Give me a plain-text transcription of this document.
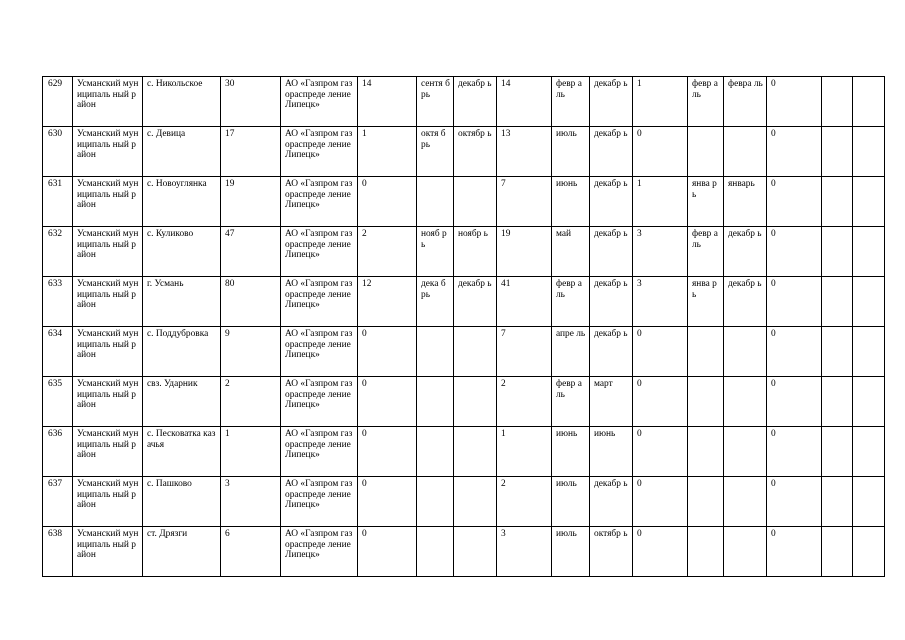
629	Усманский муниципаль ный район	с. Никольское	30	АО «Газпром газораспреде ление Липецк»	14	сентя брь	декабр ь	14	февр аль	декабр ь	1	февр аль	февра ль	0		

630	Усманский муниципаль ный район	с. Девица	17	АО «Газпром газораспреде ление Липецк»	1	октя брь	октябр ь	13	июль	декабр ь	0			0		

631	Усманский муниципаль ный район	с. Новоуглянка	19	АО «Газпром газораспреде ление Липецк»	0			7	июнь	декабр ь	1	янва рь	январь	0		

632	Усманский муниципаль ный район	с. Куликово	47	АО «Газпром газораспреде ление Липецк»	2	нояб рь	ноябр ь	19	май	декабр ь	3	февр аль	декабр ь	0		

633	Усманский муниципаль ный район	г. Усмань	80	АО «Газпром газораспреде ление Липецк»	12	дека брь	декабр ь	41	февр аль	декабр ь	3	янва рь	декабр ь	0		

634	Усманский муниципаль ный район	с. Поддубровка	9	АО «Газпром газораспреде ление Липецк»	0			7	апре ль	декабр ь	0			0		

635	Усманский муниципаль ный район	свз. Ударник	2	АО «Газпром газораспреде ление Липецк»	0			2	февр аль	март	0			0		

636	Усманский муниципаль ный район	с. Песковатка казачья	1	АО «Газпром газораспреде ление Липецк»	0			1	июнь	июнь	0			0		

637	Усманский муниципаль ный район	с. Пашково	3	АО «Газпром газораспреде ление Липецк»	0			2	июль	декабр ь	0			0		

638	Усманский муниципаль ный район	ст. Дрязги	6	АО «Газпром газораспреде ление Липецк»	0			3	июль	октябр ь	0			0		
